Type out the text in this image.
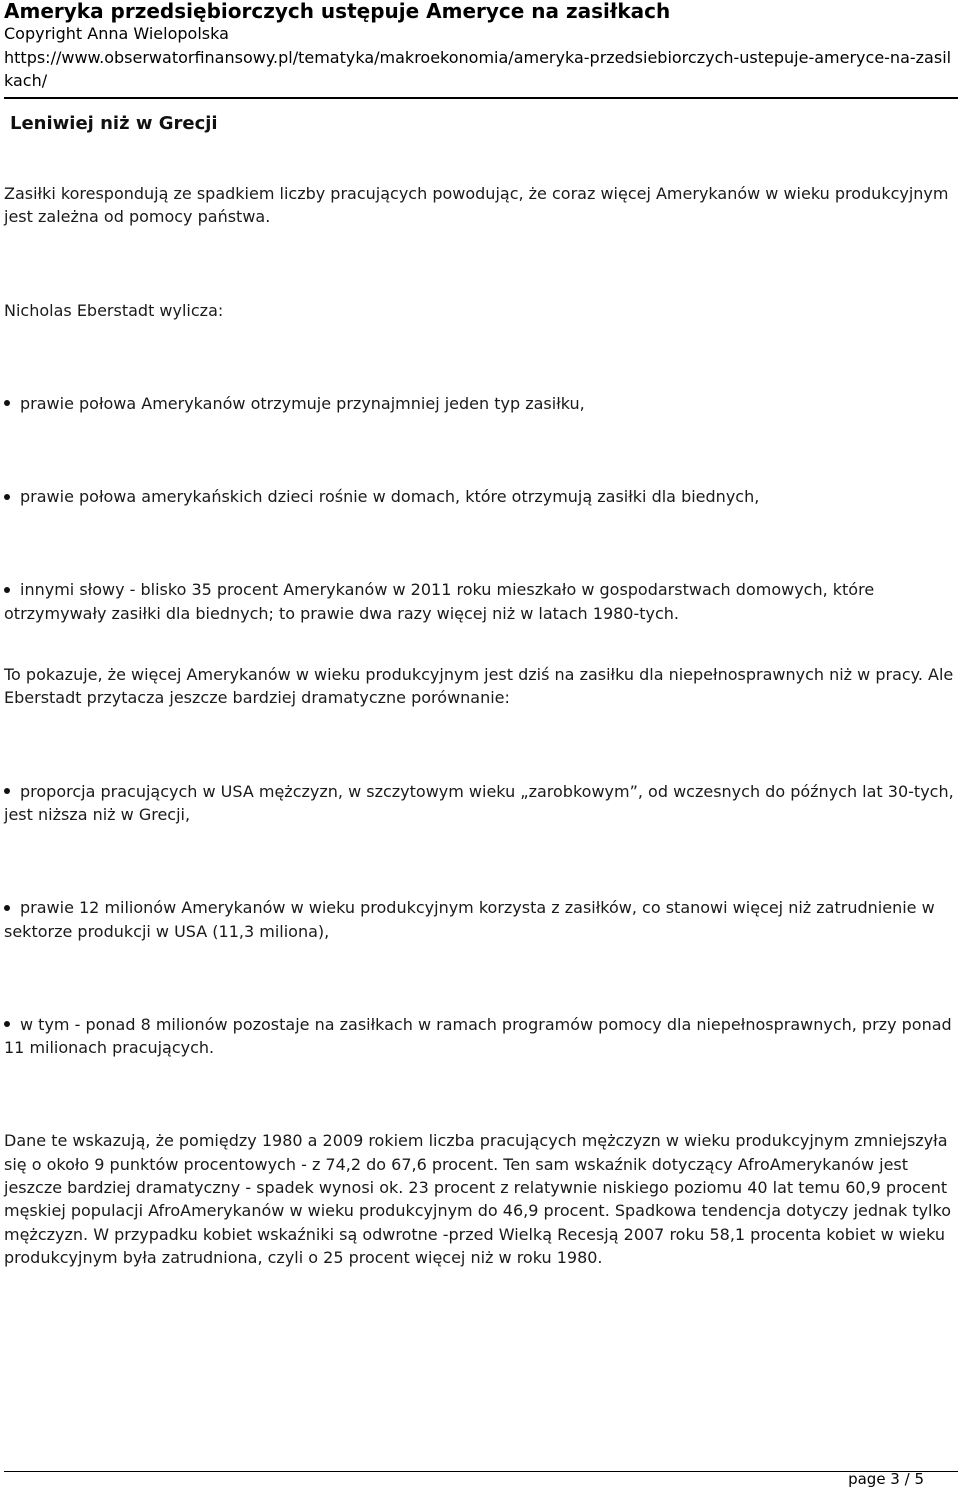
Ameryka przedsiębiorczych ustępuje Ameryce na zasiłkach

Copyright Anna Wielopolska

https://www.obserwatorfinansowy.pl/tematyka/makroekonomia/ameryka-przedsiebiorczych-ustepuje-ameryce-na-zasilkach/

Leniwiej niż w Grecji

Zasiłki korespondują ze spadkiem liczby pracujących powodując, że coraz więcej Amerykanów w wieku produkcyjnym jest zależna od pomocy państwa.

Nicholas Eberstadt wylicza:

prawie połowa Amerykanów otrzymuje przynajmniej jeden typ zasiłku,
prawie połowa amerykańskich dzieci rośnie w domach, które otrzymują zasiłki dla biednych,
innymi słowy - blisko 35 procent Amerykanów w 2011 roku mieszkało w gospodarstwach domowych, które otrzymywały zasiłki dla biednych; to prawie dwa razy więcej niż w latach 1980-tych.

To pokazuje, że więcej Amerykanów w wieku produkcyjnym jest dziś na zasiłku dla niepełnosprawnych niż w pracy. Ale Eberstadt przytacza jeszcze bardziej dramatyczne porównanie:

proporcja pracujących w USA mężczyzn, w szczytowym wieku „zarobkowym”, od wczesnych do późnych lat 30-tych, jest niższa niż w Grecji,
prawie 12 milionów Amerykanów w wieku produkcyjnym korzysta z zasiłków, co stanowi więcej niż zatrudnienie w sektorze produkcji w USA (11,3 miliona),
w tym - ponad 8 milionów pozostaje na zasiłkach w ramach programów pomocy dla niepełnosprawnych, przy ponad 11 milionach pracujących.

Dane te wskazują, że pomiędzy 1980 a 2009 rokiem liczba pracujących mężczyzn w wieku produkcyjnym zmniejszyła się o około 9 punktów procentowych - z 74,2 do 67,6 procent. Ten sam wskaźnik dotyczący AfroAmerykanów jest jeszcze bardziej dramatyczny - spadek wynosi ok. 23 procent z relatywnie niskiego poziomu 40 lat temu 60,9 procent męskiej populacji AfroAmerykanów w wieku produkcyjnym do 46,9 procent. Spadkowa tendencja dotyczy jednak tylko mężczyzn. W przypadku kobiet wskaźniki są odwrotne -przed Wielką Recesją 2007 roku 58,1 procenta kobiet w wieku produkcyjnym była zatrudniona, czyli o 25 procent więcej niż w roku 1980.

page 3 / 5
